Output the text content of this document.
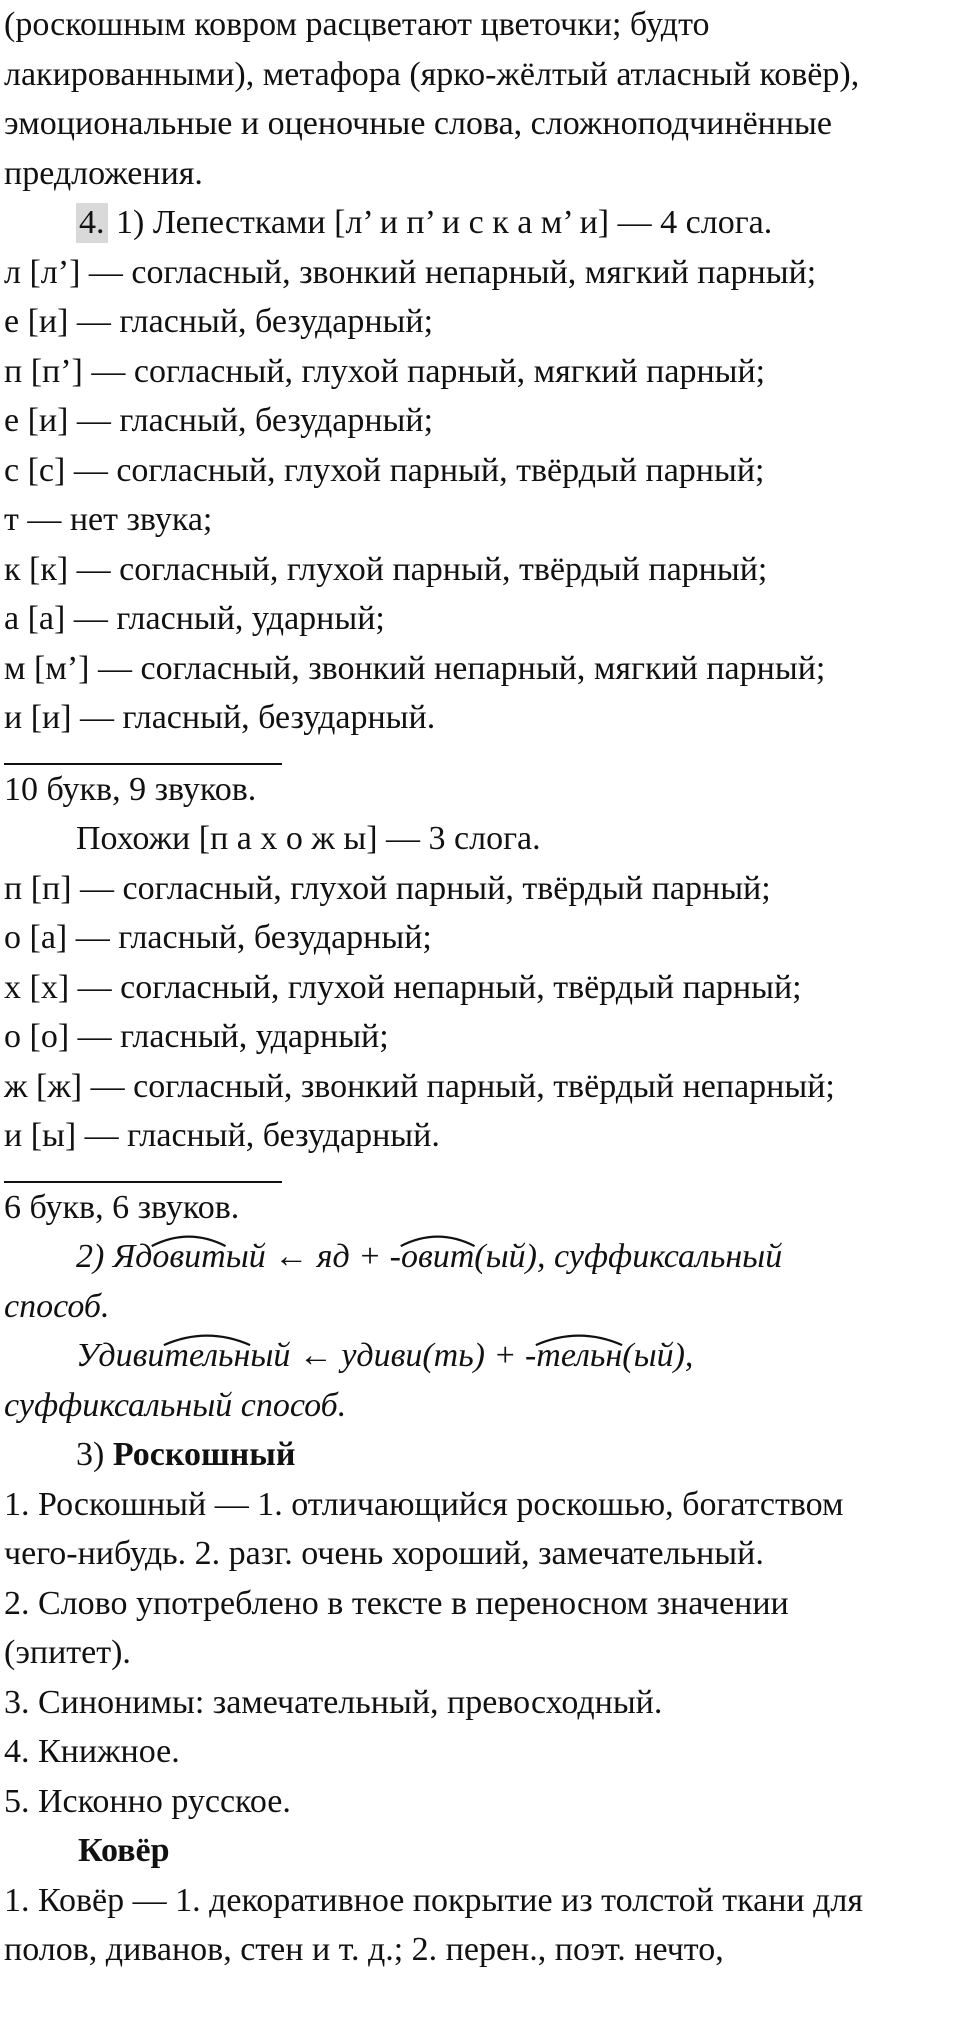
(роскошным ковром расцветают цветочки; будто
лакированными), метафора (ярко-жёлтый атласный ковёр),
эмоциональные и оценочные слова, сложноподчинённые
предложения.
4. 1) Лепестками [л’ и п’ и с к а м’ и] — 4 слога.
л [л’] — согласный, звонкий непарный, мягкий парный;
е [и] — гласный, безударный;
п [п’] — согласный, глухой парный, мягкий парный;
е [и] — гласный, безударный;
с [с] — согласный, глухой парный, твёрдый парный;
т — нет звука;
к [к] — согласный, глухой парный, твёрдый парный;
а [а] — гласный, ударный;
м [м’] — согласный, звонкий непарный, мягкий парный;
и [и] — гласный, безударный.
10 букв, 9 звуков.
Похожи [п а х о ж ы] — 3 слога.
п [п] — согласный, глухой парный, твёрдый парный;
о [а] — гласный, безударный;
х [х] — согласный, глухой непарный, твёрдый парный;
о [о] — гласный, ударный;
ж [ж] — согласный, звонкий парный, твёрдый непарный;
и [ы] — гласный, безударный.
6 букв, 6 звуков.
2) Яд
овитый ← яд + -
овит(ый), суффиксальный
способ.
Удиви
тельный ← удиви(ть) + -
тельн(ый),
суффиксальный способ.
3) Роскошный
1. Роскошный — 1. отличающийся роскошью, богатством
чего-нибудь. 2. разг. очень хороший, замечательный.
2. Слово употреблено в тексте в переносном значении
(эпитет).
3. Синонимы: замечательный, превосходный.
4. Книжное.
5. Исконно русское.
Ковёр
1. Ковёр — 1. декоративное покрытие из толстой ткани для
полов, диванов, стен и т. д.; 2. перен., поэт. нечто,
